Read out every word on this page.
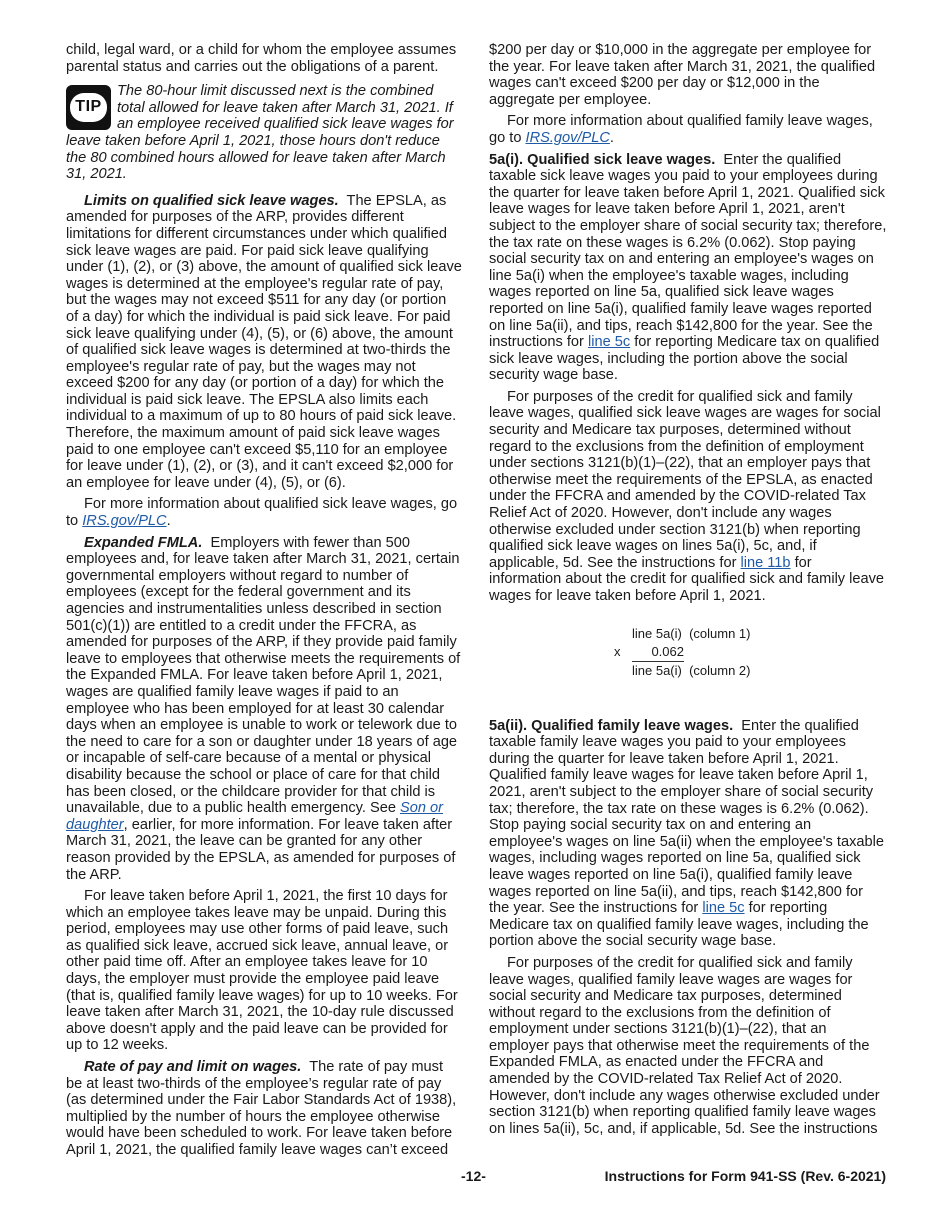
child, legal ward, or a child for whom the employee assumes parental status and carries out the obligations of a parent.

TIP
The 80-hour limit discussed next is the combined total allowed for leave taken after March 31, 2021. If an employee received qualified sick leave wages for leave taken before April 1, 2021, those hours don't reduce the 80 combined hours allowed for leave taken after March 31, 2021.

Limits on qualified sick leave wages. The EPSLA, as amended for purposes of the ARP, provides different limitations for different circumstances under which qualified sick leave wages are paid. For paid sick leave qualifying under (1), (2), or (3) above, the amount of qualified sick leave wages is determined at the employee's regular rate of pay, but the wages may not exceed $511 for any day (or portion of a day) for which the individual is paid sick leave. For paid sick leave qualifying under (4), (5), or (6) above, the amount of qualified sick leave wages is determined at two-thirds the employee's regular rate of pay, but the wages may not exceed $200 for any day (or portion of a day) for which the individual is paid sick leave. The EPSLA also limits each individual to a maximum of up to 80 hours of paid sick leave. Therefore, the maximum amount of paid sick leave wages paid to one employee can't exceed $5,110 for an employee for leave under (1), (2), or (3), and it can't exceed $2,000 for an employee for leave under (4), (5), or (6).

For more information about qualified sick leave wages, go to IRS.gov/PLC.

Expanded FMLA. Employers with fewer than 500 employees and, for leave taken after March 31, 2021, certain governmental employers without regard to number of employees (except for the federal government and its agencies and instrumentalities unless described in section 501(c)(1)) are entitled to a credit under the FFCRA, as amended for purposes of the ARP, if they provide paid family leave to employees that otherwise meets the requirements of the Expanded FMLA. For leave taken before April 1, 2021, wages are qualified family leave wages if paid to an employee who has been employed for at least 30 calendar days when an employee is unable to work or telework due to the need to care for a son or daughter under 18 years of age or incapable of self-care because of a mental or physical disability because the school or place of care for that child has been closed, or the childcare provider for that child is unavailable, due to a public health emergency. See Son or daughter, earlier, for more information. For leave taken after March 31, 2021, the leave can be granted for any other reason provided by the EPSLA, as amended for purposes of the ARP.

For leave taken before April 1, 2021, the first 10 days for which an employee takes leave may be unpaid. During this period, employees may use other forms of paid leave, such as qualified sick leave, accrued sick leave, annual leave, or other paid time off. After an employee takes leave for 10 days, the employer must provide the employee paid leave (that is, qualified family leave wages) for up to 10 weeks. For leave taken after March 31, 2021, the 10-day rule discussed above doesn't apply and the paid leave can be provided for up to 12 weeks.

Rate of pay and limit on wages. The rate of pay must be at least two-thirds of the employee’s regular rate of pay (as determined under the Fair Labor Standards Act of 1938), multiplied by the number of hours the employee otherwise would have been scheduled to work. For leave taken before April 1, 2021, the qualified family leave wages can’t exceed

$200 per day or $10,000 in the aggregate per employee for the year. For leave taken after March 31, 2021, the qualified wages can't exceed $200 per day or $12,000 in the aggregate per employee.

For more information about qualified family leave wages, go to IRS.gov/PLC.

5a(i). Qualified sick leave wages. Enter the qualified taxable sick leave wages you paid to your employees during the quarter for leave taken before April 1, 2021. Qualified sick leave wages for leave taken before April 1, 2021, aren't subject to the employer share of social security tax; therefore, the tax rate on these wages is 6.2% (0.062). Stop paying social security tax on and entering an employee's wages on line 5a(i) when the employee's taxable wages, including wages reported on line 5a, qualified sick leave wages reported on line 5a(i), qualified family leave wages reported on line 5a(ii), and tips, reach $142,800 for the year. See the instructions for line 5c for reporting Medicare tax on qualified sick leave wages, including the portion above the social security wage base.

For purposes of the credit for qualified sick and family leave wages, qualified sick leave wages are wages for social security and Medicare tax purposes, determined without regard to the exclusions from the definition of employment under sections 3121(b)(1)–(22), that an employer pays that otherwise meet the requirements of the EPSLA, as enacted under the FFCRA and amended by the COVID-related Tax Relief Act of 2020. However, don't include any wages otherwise excluded under section 3121(b) when reporting qualified sick leave wages on lines 5a(i), 5c, and, if applicable, 5d. See the instructions for line 11b for information about the credit for qualified sick and family leave wages for leave taken before April 1, 2021.

line 5a(i)  (column 1)
x	0.062
line 5a(i)  (column 2)

5a(ii). Qualified family leave wages. Enter the qualified taxable family leave wages you paid to your employees during the quarter for leave taken before April 1, 2021. Qualified family leave wages for leave taken before April 1, 2021, aren't subject to the employer share of social security tax; therefore, the tax rate on these wages is 6.2% (0.062). Stop paying social security tax on and entering an employee's wages on line 5a(ii) when the employee's taxable wages, including wages reported on line 5a, qualified sick leave wages reported on line 5a(i), qualified family leave wages reported on line 5a(ii), and tips, reach $142,800 for the year. See the instructions for line 5c for reporting Medicare tax on qualified family leave wages, including the portion above the social security wage base.

For purposes of the credit for qualified sick and family leave wages, qualified family leave wages are wages for social security and Medicare tax purposes, determined without regard to the exclusions from the definition of employment under sections 3121(b)(1)–(22), that an employer pays that otherwise meet the requirements of the Expanded FMLA, as enacted under the FFCRA and amended by the COVID-related Tax Relief Act of 2020. However, don't include any wages otherwise excluded under section 3121(b) when reporting qualified family leave wages on lines 5a(ii), 5c, and, if applicable, 5d. See the instructions

-12-	Instructions for Form 941-SS (Rev. 6-2021)
